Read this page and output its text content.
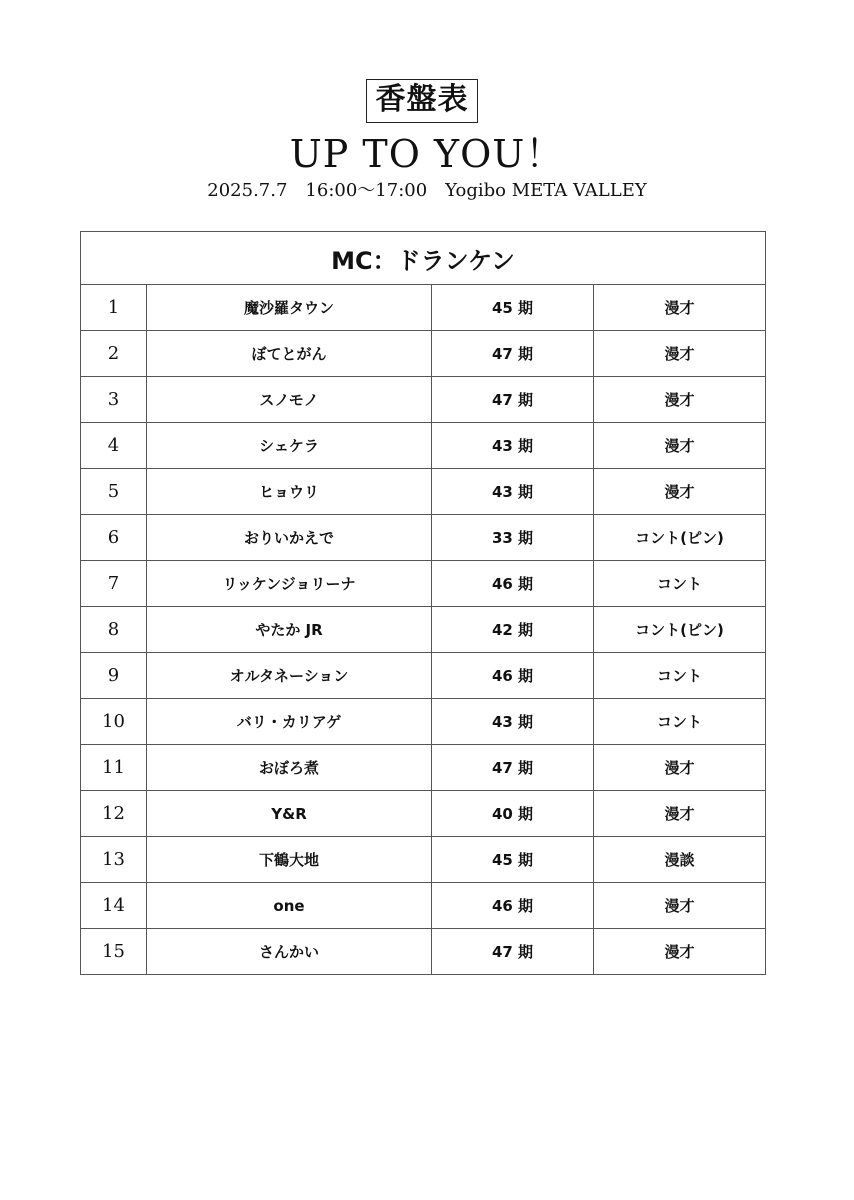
香盤表
UP TO YOU！
2025.7.7　16:00～17:00　Yogibo META VALLEY
MC：ドランケン			
1	魔沙羅タウン	45 期	漫才
2	ぼてとがん	47 期	漫才
3	スノモノ	47 期	漫才
4	シェケラ	43 期	漫才
5	ヒョウリ	43 期	漫才
6	おりいかえで	33 期	コント(ピン)
7	リッケンジョリーナ	46 期	コント
8	やたか JR	42 期	コント(ピン)
9	オルタネーション	46 期	コント
10	バリ・カリアゲ	43 期	コント
11	おぼろ煮	47 期	漫才
12	Y&R	40 期	漫才
13	下鶴大地	45 期	漫談
14	one	46 期	漫才
15	さんかい	47 期	漫才
